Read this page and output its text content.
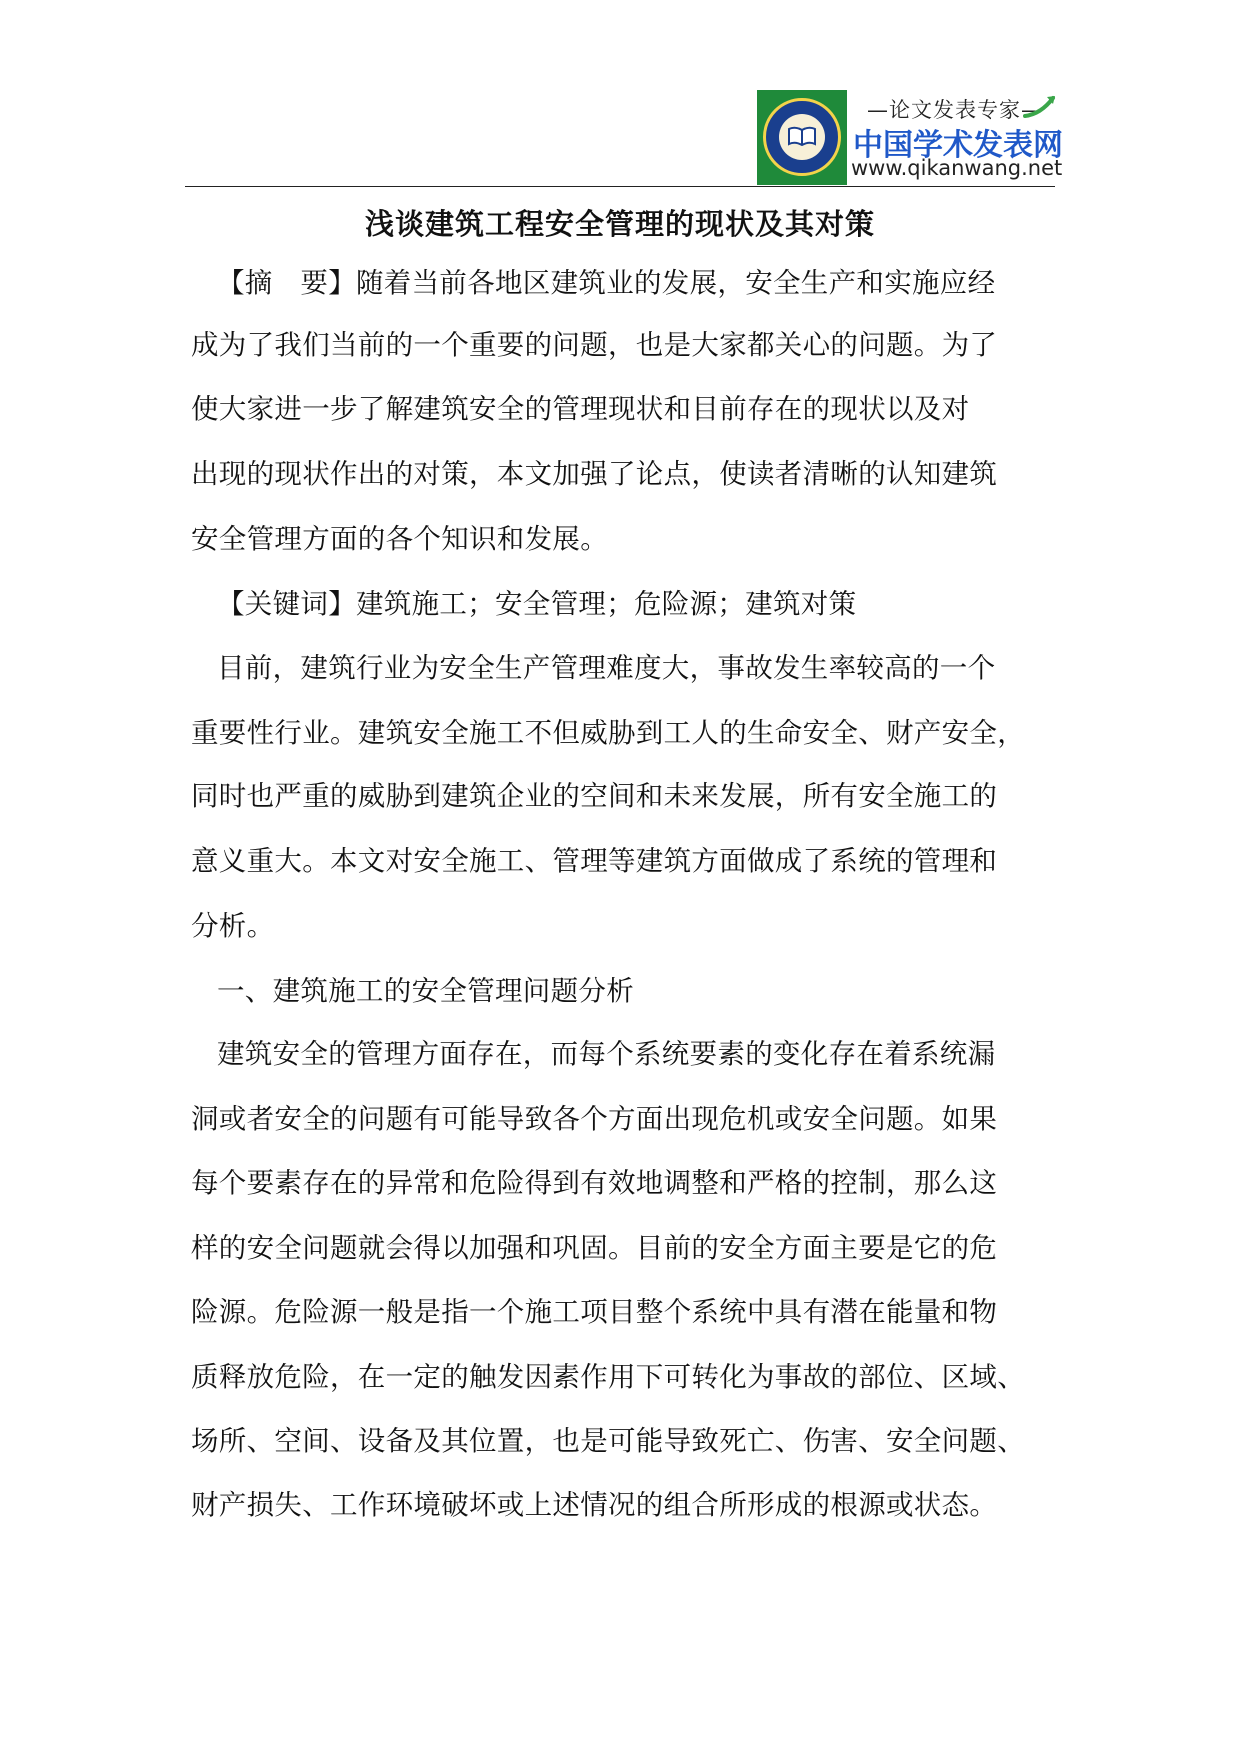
—论文发表专家—
中国学术发表网
www.qikanwang.net
浅谈建筑工程安全管理的现状及其对策
【摘　要】随着当前各地区建筑业的发展，安全生产和实施应经
成为了我们当前的一个重要的问题，也是大家都关心的问题。为了
使大家进一步了解建筑安全的管理现状和目前存在的现状以及对
出现的现状作出的对策，本文加强了论点，使读者清晰的认知建筑
安全管理方面的各个知识和发展。
【关键词】建筑施工；安全管理；危险源；建筑对策
目前，建筑行业为安全生产管理难度大，事故发生率较高的一个
重要性行业。建筑安全施工不但威胁到工人的生命安全、财产安全，
同时也严重的威胁到建筑企业的空间和未来发展，所有安全施工的
意义重大。本文对安全施工、管理等建筑方面做成了系统的管理和
分析。
一、建筑施工的安全管理问题分析
建筑安全的管理方面存在，而每个系统要素的变化存在着系统漏
洞或者安全的问题有可能导致各个方面出现危机或安全问题。如果
每个要素存在的异常和危险得到有效地调整和严格的控制，那么这
样的安全问题就会得以加强和巩固。目前的安全方面主要是它的危
险源。危险源一般是指一个施工项目整个系统中具有潜在能量和物
质释放危险，在一定的触发因素作用下可转化为事故的部位、区域、
场所、空间、设备及其位置，也是可能导致死亡、伤害、安全问题、
财产损失、工作环境破坏或上述情况的组合所形成的根源或状态。
